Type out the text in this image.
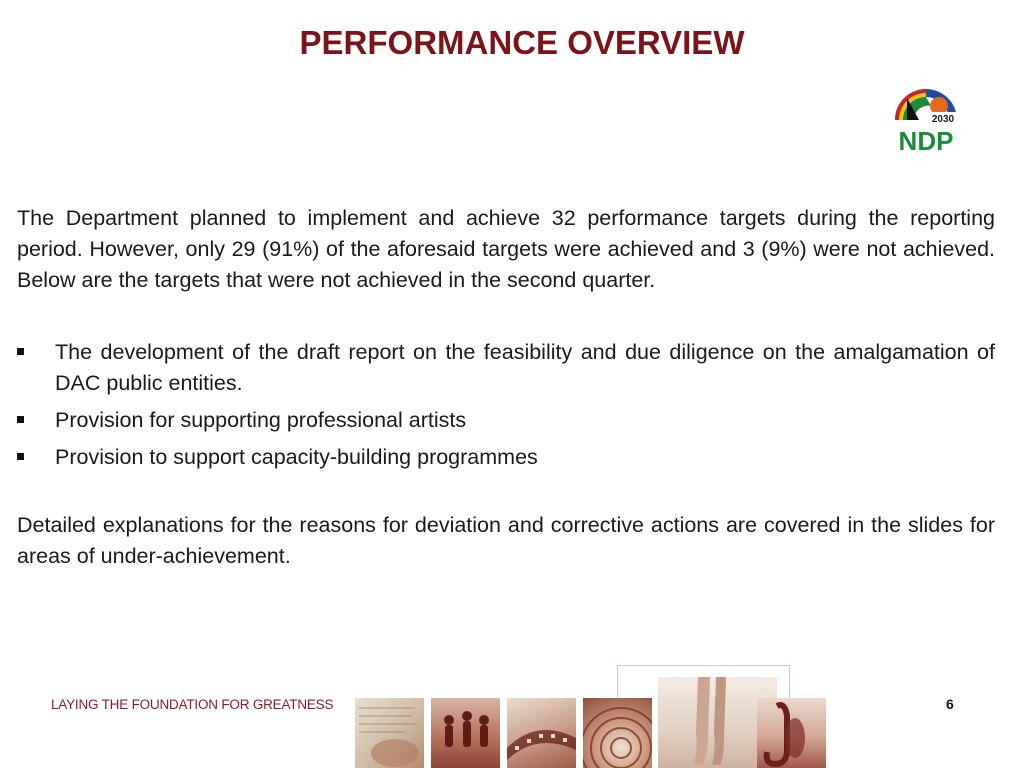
PERFORMANCE OVERVIEW
2030
NDP
The Department planned to implement and achieve 32 performance targets during the reporting period. However, only 29 (91%) of the aforesaid targets were achieved and 3 (9%) were not achieved. Below are the targets that were not achieved in the second quarter.
The development of the draft report on the feasibility and due diligence on the amalgamation of DAC public entities.
Provision for supporting professional artists
Provision to support capacity-building programmes
Detailed explanations for the reasons for deviation and corrective actions are covered in the slides for areas of under-achievement.
LAYING THE FOUNDATION FOR GREATNESS	6
